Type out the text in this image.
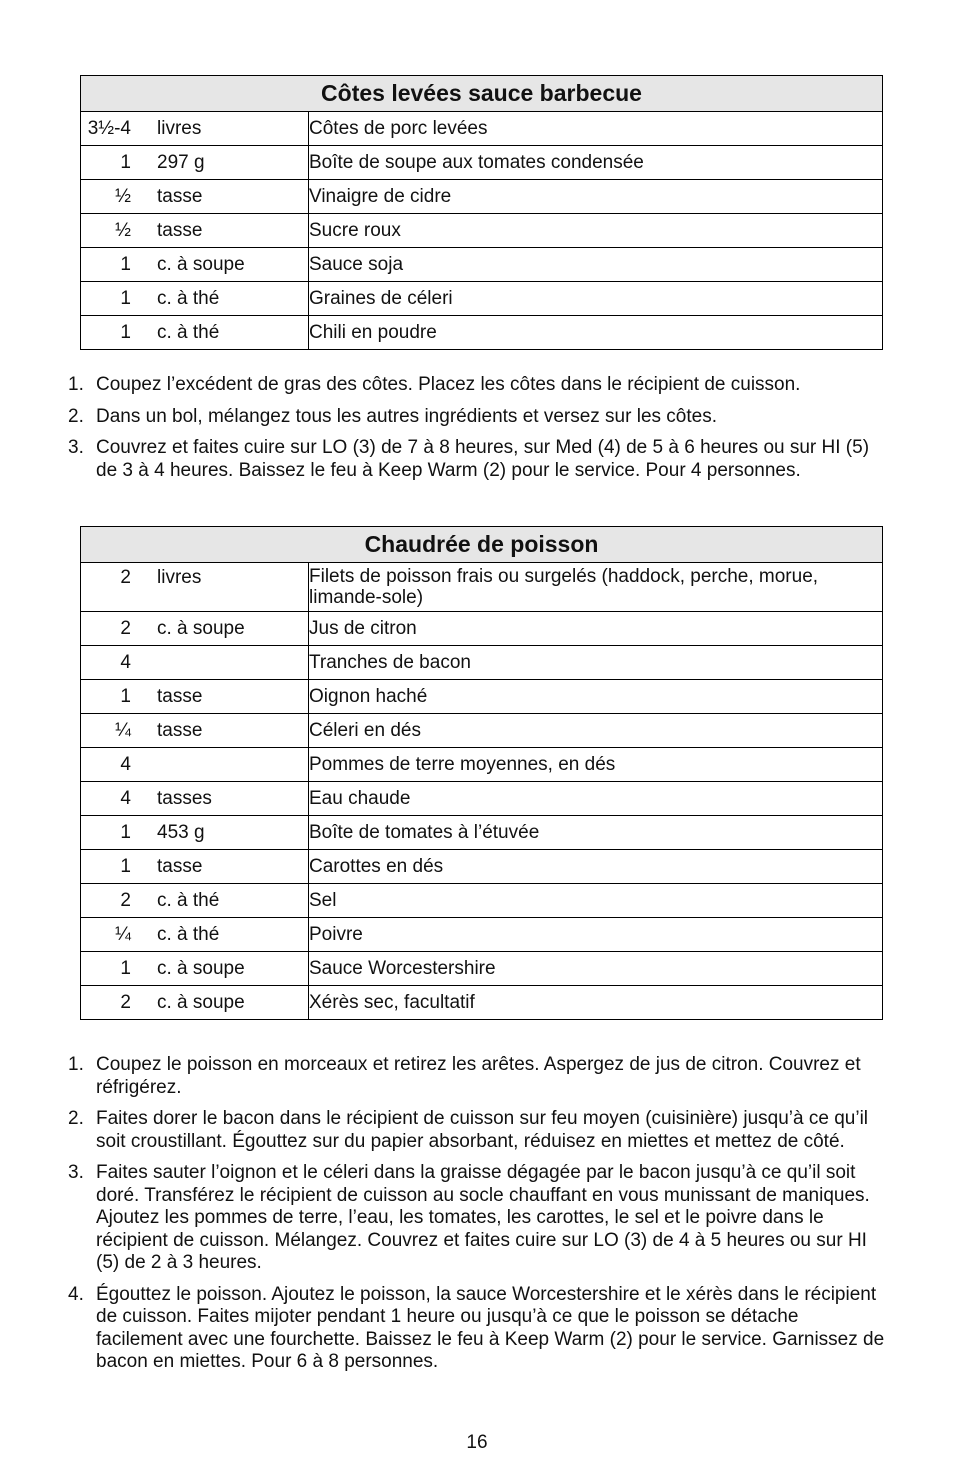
Côtes levées sauce barbecue	

3½-4 livres	Côtes de porc levées

1 297 g	Boîte de soupe aux tomates condensée

½ tasse	Vinaigre de cidre

½ tasse	Sucre roux

1 c. à soupe	Sauce soja

1 c. à thé	Graines de céleri

1 c. à thé	Chili en poudre
1. Coupez l’excédent de gras des côtes. Placez les côtes dans le récipient de cuisson.
2. Dans un bol, mélangez tous les autres ingrédients et versez sur les côtes.
3. Couvrez et faites cuire sur LO (3) de 7 à 8 heures, sur Med (4) de 5 à 6 heures ou sur HI (5) de 3 à 4 heures. Baissez le feu à Keep Warm (2) pour le service. Pour 4 personnes.
Chaudrée de poisson	

2 livres	Filets de poisson frais ou surgelés (haddock, perche, morue, limande-sole)

2 c. à soupe	Jus de citron

4	Tranches de bacon

1 tasse	Oignon haché

¼ tasse	Céleri en dés

4	Pommes de terre moyennes, en dés

4 tasses	Eau chaude

1 453 g	Boîte de tomates à l’étuvée

1 tasse	Carottes en dés

2 c. à thé	Sel

¼ c. à thé	Poivre

1 c. à soupe	Sauce Worcestershire

2 c. à soupe	Xérès sec, facultatif
1. Coupez le poisson en morceaux et retirez les arêtes. Aspergez de jus de citron. Couvrez et réfrigérez.
2. Faites dorer le bacon dans le récipient de cuisson sur feu moyen (cuisinière) jusqu’à ce qu’il soit croustillant. Égouttez sur du papier absorbant, réduisez en miettes et mettez de côté.
3. Faites sauter l’oignon et le céleri dans la graisse dégagée par le bacon jusqu’à ce qu’il soit doré. Transférez le récipient de cuisson au socle chauffant en vous munissant de maniques. Ajoutez les pommes de terre, l’eau, les tomates, les carottes, le sel et le poivre dans le récipient de cuisson. Mélangez. Couvrez et faites cuire sur LO (3) de 4 à 5 heures ou sur HI (5) de 2 à 3 heures.
4. Égouttez le poisson. Ajoutez le poisson, la sauce Worcestershire et le xérès dans le récipient de cuisson. Faites mijoter pendant 1 heure ou jusqu’à ce que le poisson se détache facilement avec une fourchette. Baissez le feu à Keep Warm (2) pour le service. Garnissez de bacon en miettes. Pour 6 à 8 personnes.
16
